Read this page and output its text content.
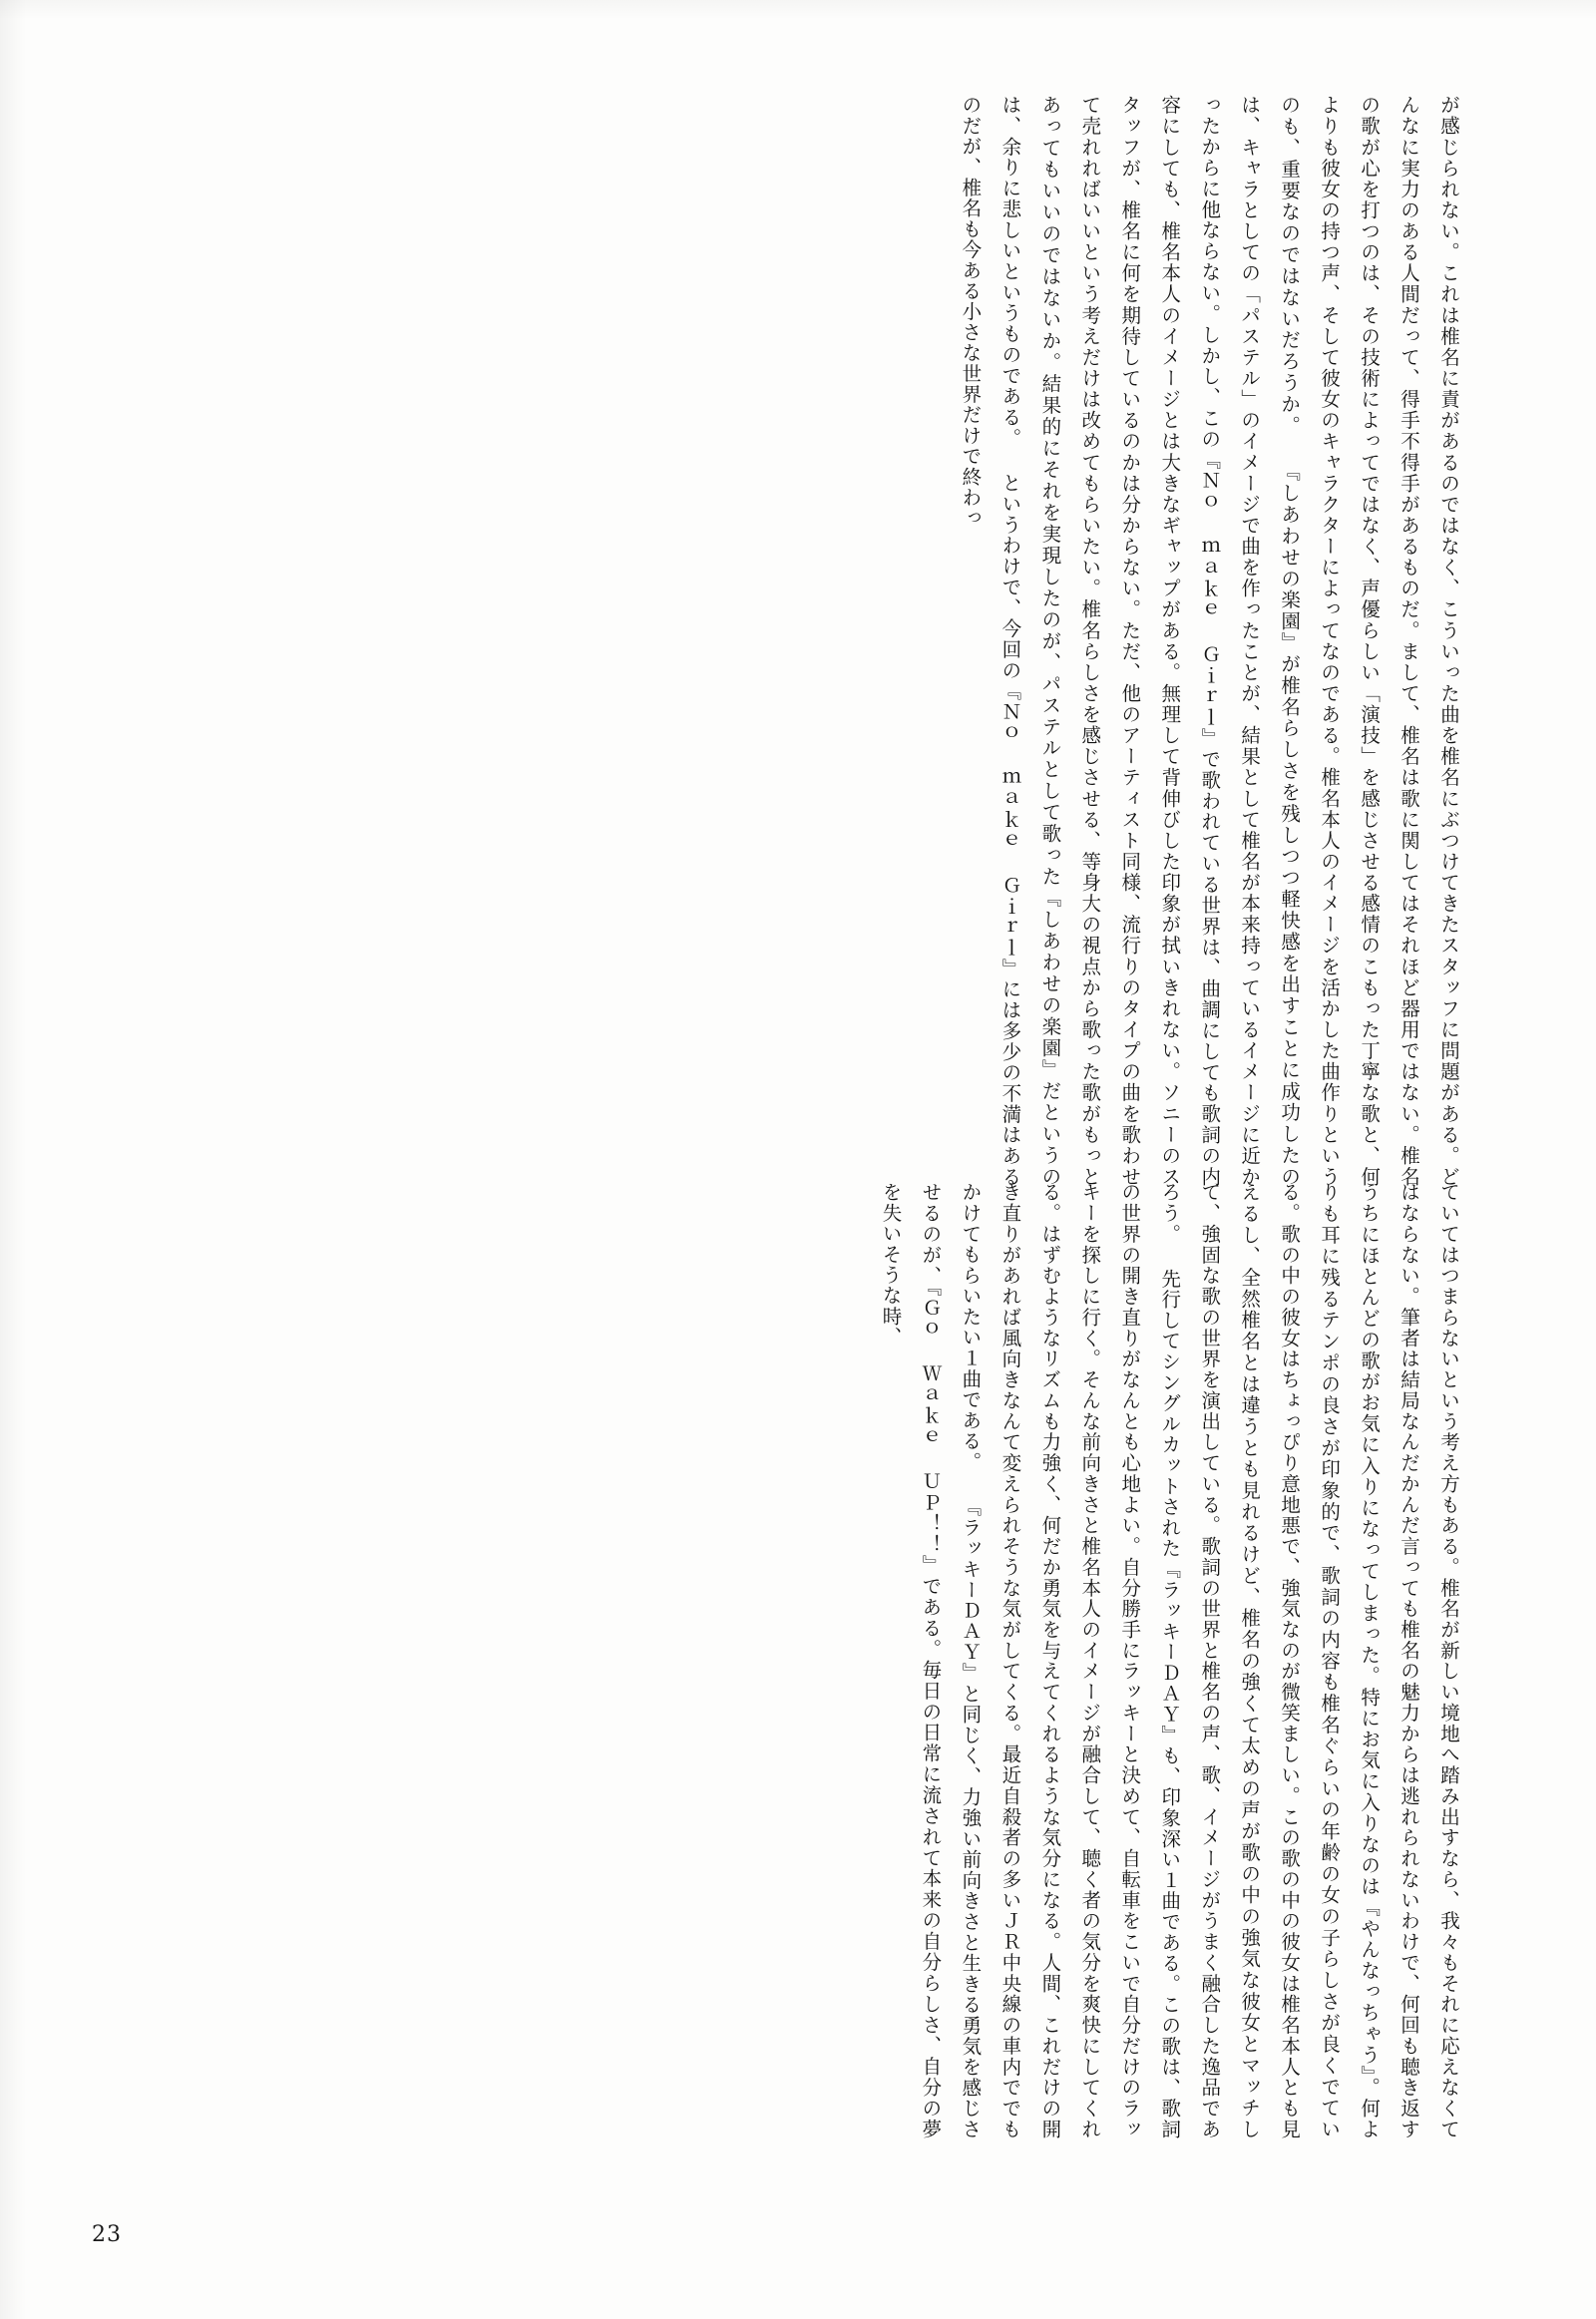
が感じられない。これは椎名に責があるのではなく、こういった曲を椎名にぶつけてきたスタッフに問題がある。どんなに実力のある人間だって、得手不得手があるものだ。まして、椎名は歌に関してはそれほど器用ではない。椎名の歌が心を打つのは、その技術によってではなく、声優らしい「演技」を感じさせる感情のこもった丁寧な歌と、何よりも彼女の持つ声、そして彼女のキャラクターによってなのである。椎名本人のイメージを活かした曲作りというのも、重要なのではないだろうか。 『しあわせの楽園』が椎名らしさを残しつつ軽快感を出すことに成功したのは、キャラとしての「パステル」のイメージで曲を作ったことが、結果として椎名が本来持っているイメージに近かったからに他ならない。しかし、この『Ｎｏ ｍａｋｅ Ｇｉｒｌ』で歌われている世界は、曲調にしても歌詞の内容にしても、椎名本人のイメージとは大きなギャップがある。無理して背伸びした印象が拭いきれない。ソニーのスタッフが、椎名に何を期待しているのかは分からない。ただ、他のアーティスト同様、流行りのタイプの曲を歌わせて売れればいいという考えだけは改めてもらいたい。椎名らしさを感じさせる、等身大の視点から歌った歌がもっとあってもいいのではないか。結果的にそれを実現したのが、パステルとして歌った『しあわせの楽園』だというのは、余りに悲しいというものである。 というわけで、今回の『Ｎｏ ｍａｋｅ Ｇｉｒｌ』には多少の不満はあるのだが、椎名も今ある小さな世界だけで終わっ
ていてはつまらないという考え方もある。椎名が新しい境地へ踏み出すなら、我々もそれに応えなくてはならない。筆者は結局なんだかんだ言っても椎名の魅力からは逃れられないわけで、何回も聴き返すうちにほとんどの歌がお気に入りになってしまった。特にお気に入りなのは『やんなっちゃう』。何よりも耳に残るテンポの良さが印象的で、歌詞の内容も椎名ぐらいの年齢の女の子らしさが良くでている。歌の中の彼女はちょっぴり意地悪で、強気なのが微笑ましい。この歌の中の彼女は椎名本人とも見えるし、全然椎名とは違うとも見れるけど、椎名の強くて太めの声が歌の中の強気な彼女とマッチして、強固な歌の世界を演出している。歌詞の世界と椎名の声、歌、イメージがうまく融合した逸品であろう。 先行してシングルカットされた『ラッキーＤＡＹ』も、印象深い１曲である。この歌は、歌詞の世界の開き直りがなんとも心地よい。自分勝手にラッキーと決めて、自転車をこいで自分だけのラッキーを探しに行く。そんな前向きさと椎名本人のイメージが融合して、聴く者の気分を爽快にしてくれる。はずむようなリズムも力強く、何だか勇気を与えてくれるような気分になる。人間、これだけの開き直りがあれば風向きなんて変えられそうな気がしてくる。最近自殺者の多いＪＲ中央線の車内ででもかけてもらいたい１曲である。 『ラッキーＤＡＹ』と同じく、力強い前向きさと生きる勇気を感じさせるのが、『Ｇｏ Ｗａｋｅ ＵＰ！！』である。毎日の日常に流されて本来の自分らしさ、自分の夢を失いそうな時、
23
